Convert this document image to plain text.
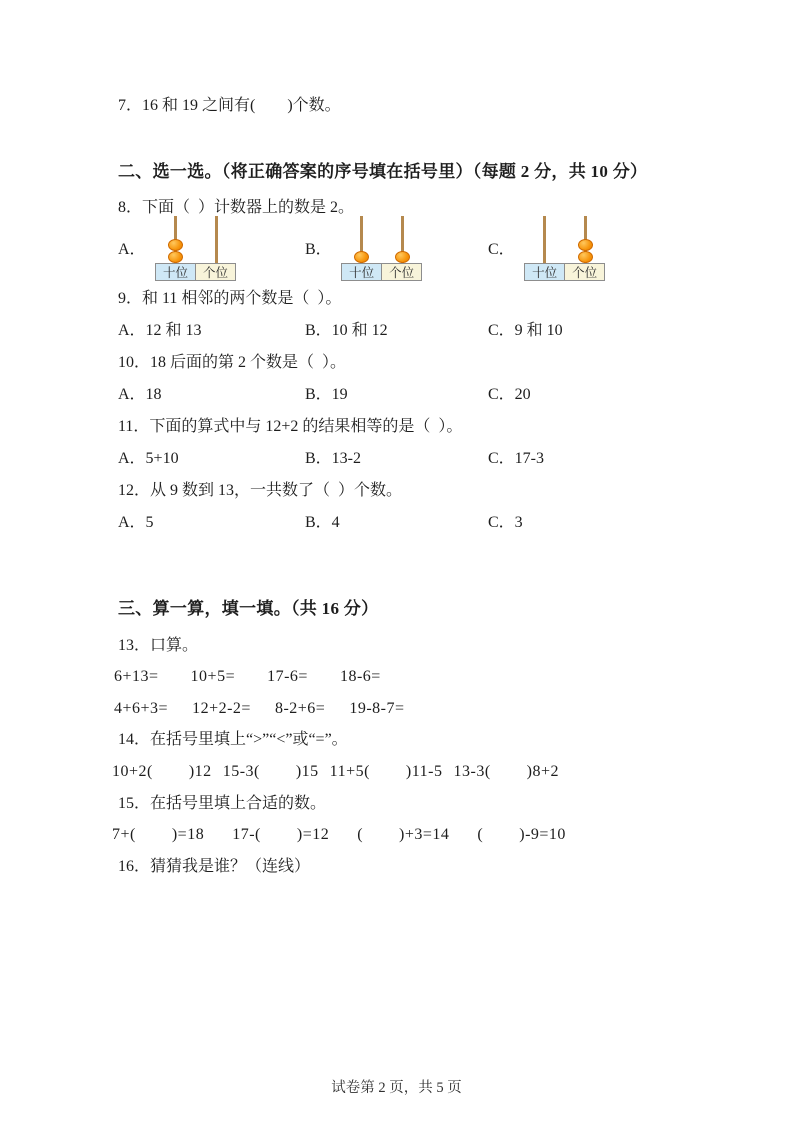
7．16 和 19 之间有(        )个数。
二、选一选。（将正确答案的序号填在括号里）（每题 2 分，共 10 分）
8．下面（  ）计数器上的数是 2。
A．
十位	个位
B．
十位	个位
C．
十位	个位
9．和 11 相邻的两个数是（  ）。
A．12 和 13	B．10 和 12	C．9 和 10
10．18 后面的第 2 个数是（  ）。
A．18	B．19	C．20
11．下面的算式中与 12+2 的结果相等的是（  ）。
A．5+10	B．13-2	C．17-3
12．从 9 数到 13，一共数了（  ）个数。
A．5	B．4	C．3
三、算一算，填一填。（共 16 分）
13．口算。
6+13= 10+5= 17-6= 18-6=
4+6+3= 12+2-2= 8-2+6= 19-8-7=
14．在括号里填上“>”“<”或“=”。
10+2(        )12 15-3(        )15 11+5(        )11-5 13-3(        )8+2
15．在括号里填上合适的数。
7+(        )=18 17-(        )=12 (        )+3=14 (        )-9=10
16．猜猜我是谁？（连线）
试卷第 2 页，共 5 页
